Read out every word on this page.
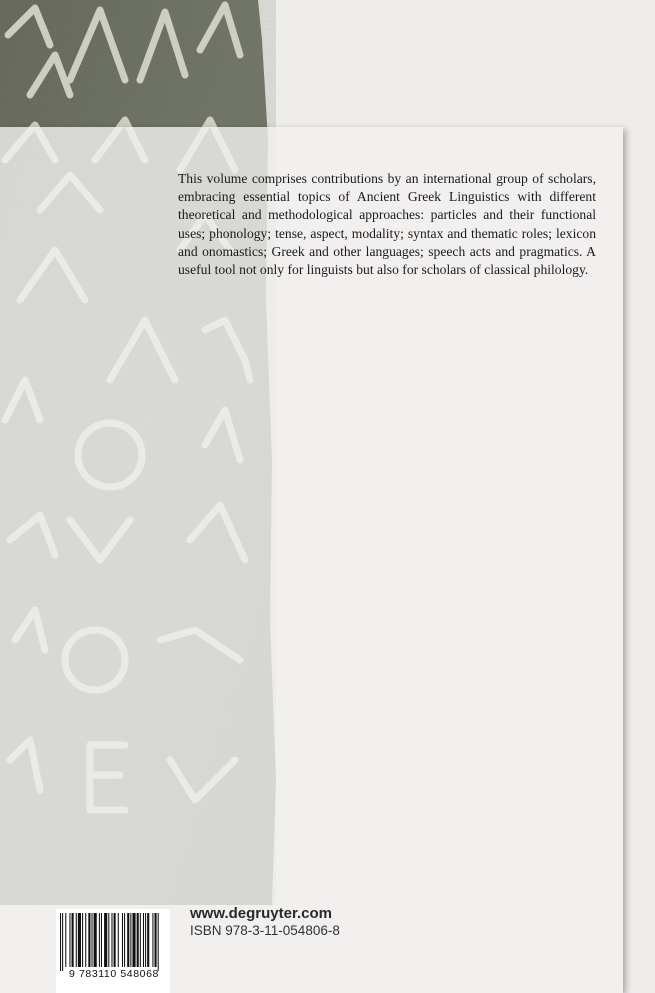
This volume comprises contributions by an international group of scholars, embracing essential topics of Ancient Greek Linguistics with different theoretical and methodological approaches: particles and their functional uses; phonology; tense, aspect, modality; syntax and thematic roles; lexicon and onomastics; Greek and other languages; speech acts and pragmatics. A useful tool not only for linguists but also for scholars of classical philology.

9 783110 548068
www.degruyter.com
ISBN 978-3-11-054806-8
